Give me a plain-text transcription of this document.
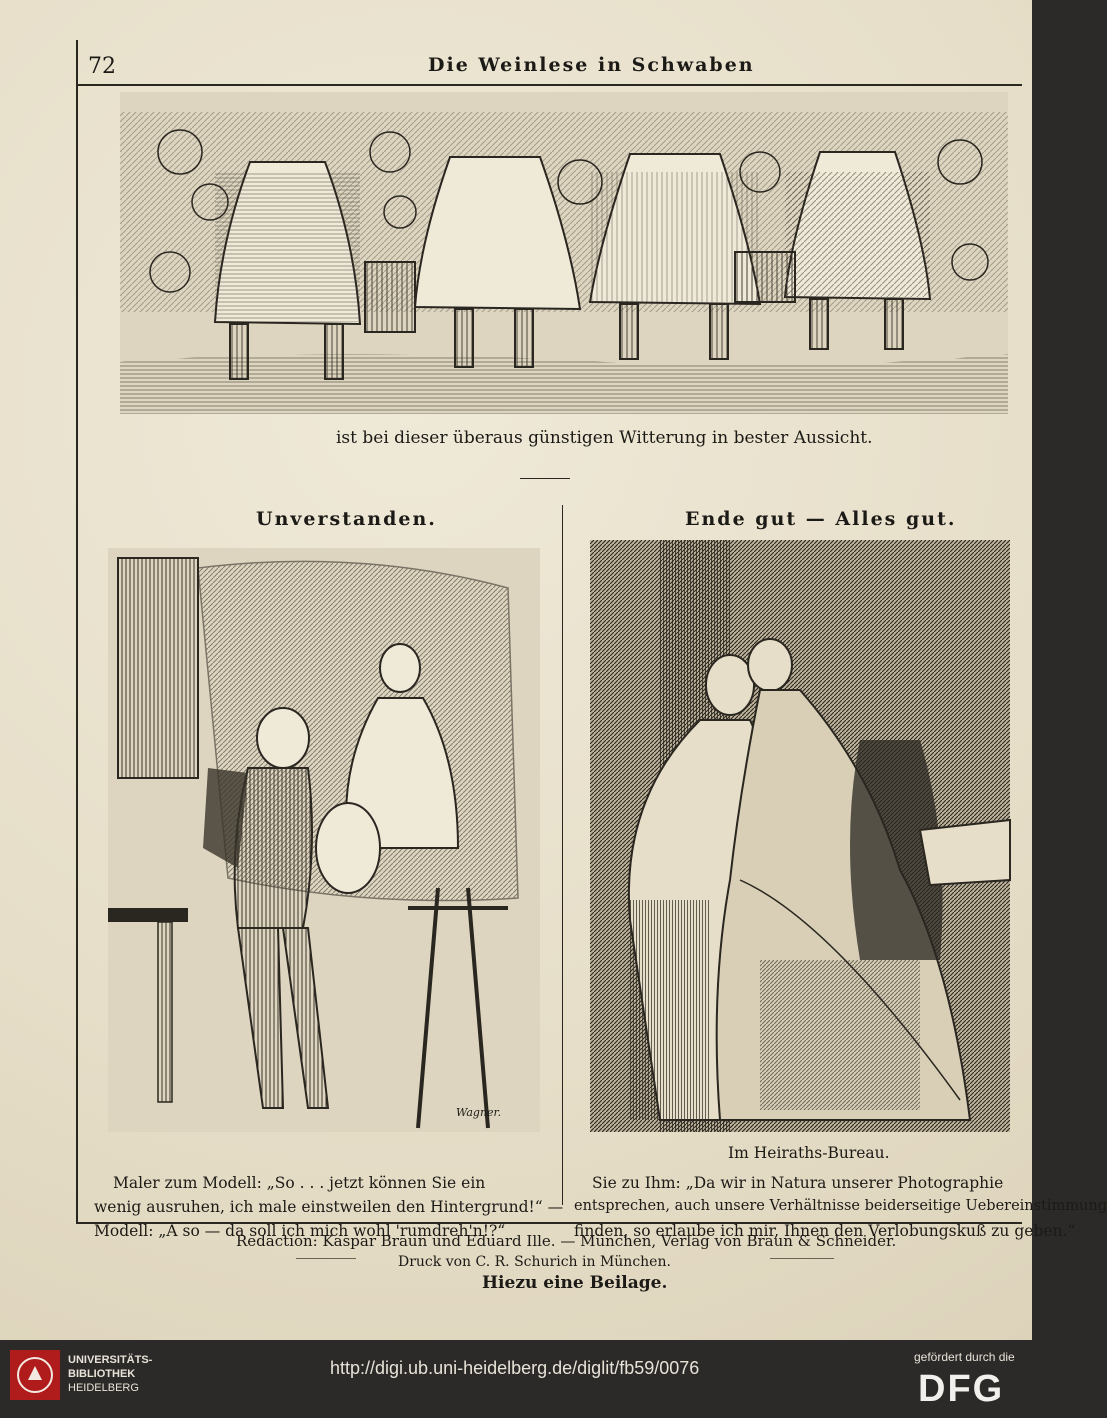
72	Die Weinlese in Schwaben
ist bei dieser überaus günstigen Witterung in bester Aussicht.
Unverstanden.
Wagner.
Maler zum Modell: „So . . . jetzt können Sie ein
wenig ausruhen, ich male einstweilen den Hintergrund!“ —
Modell: „A so — da soll ich mich wohl 'rumdreh'n!?“
Ende gut — Alles gut.
Im Heiraths-Bureau.
Sie zu Ihm: „Da wir in Natura unserer Photographie
entsprechen, auch unsere Verhältnisse beiderseitige Uebereinstimmung
finden, so erlaube ich mir, Ihnen den Verlobungskuß zu geben.“
Redaction: Kaspar Braun und Eduard Ille. — München, Verlag von Braun & Schneider.
Druck von C. R. Schurich in München.
Hiezu eine Beilage.
UNIVERSITÄTS-
BIBLIOTHEK
HEIDELBERG
http://digi.ub.uni-heidelberg.de/diglit/fb59/0076
gefördert durch die
DFG
